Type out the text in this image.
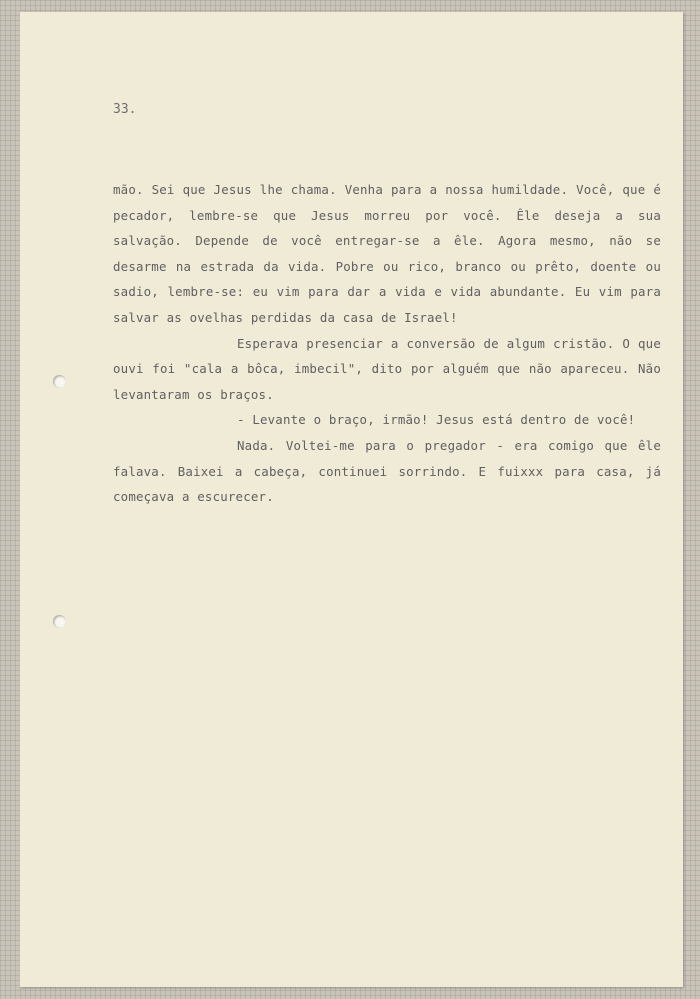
33.

mão. Sei que Jesus lhe chama. Venha para a nossa humildade. Você, que é pecador, lembre-se que Jesus morreu por você. Êle deseja a sua salvação. Depende de você entregar-se a êle. Agora mesmo, não se desarme na estrada da vida. Pobre ou rico, branco ou prêto, doente ou sadio, lembre-se: eu vim para dar a vida e vida abundante. Eu vim para salvar as ovelhas perdidas da casa de Israel!

Esperava presenciar a conversão de algum cristão. O que ouvi foi "cala a bôca, imbecil", dito por alguém que não apareceu. Não levantaram os braços.

- Levante o braço, irmão! Jesus está dentro de você!

Nada. Voltei-me para o pregador - era comigo que êle falava. Baixei a cabeça, continuei sorrindo. E fuixxx para casa, já começava a escurecer.
